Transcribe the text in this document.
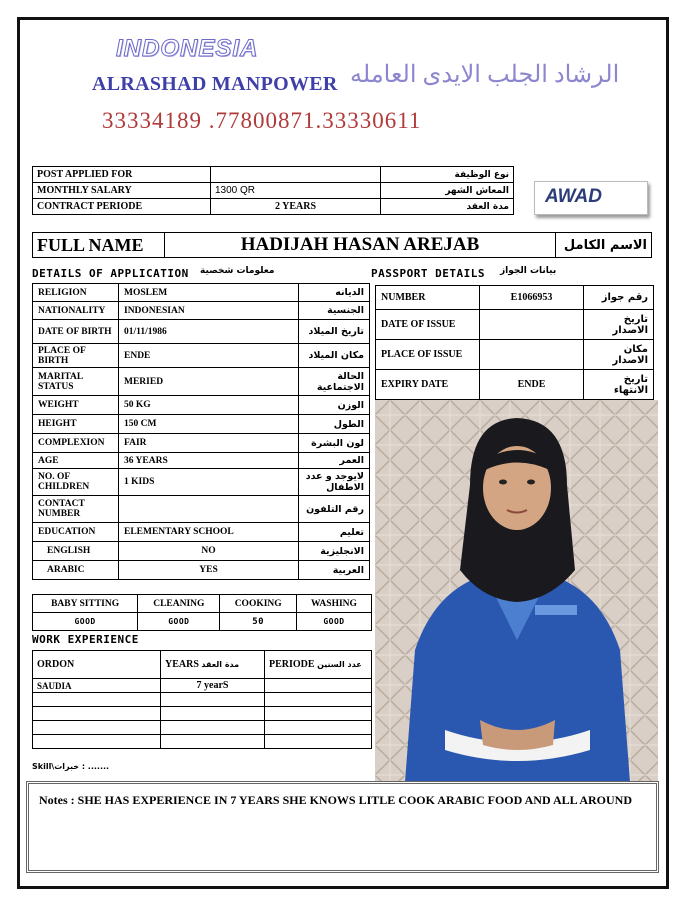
INDONESIA
ALRASHAD MANPOWER الرشاد الجلب الايدى العامله
33334189 .77800871.33330611
POST APPLIED FOR		نوع الوظيفة
MONTHLY SALARY	1300 QR	المعاش الشهر
CONTRACT PERIODE	2 YEARS	مدة العقد	AWAD
FULL NAME	HADIJAH HASAN AREJAB	الاسم الكامل
DETAILS OF APPLICATION معلومات شخصية	PASSPORT DETAILS بيانات الجواز
RELIGION	MOSLEM	الديانه
NATIONALITY	INDONESIAN	الجنسية
DATE OF BIRTH	01/11/1986	تاريخ الميلاد
PLACE OF BIRTH	ENDE	مكان الميلاد
MARITAL STATUS	MERIED	الحالة الاجتماعية
WEIGHT	50 KG	الوزن
HEIGHT	150 CM	الطول
COMPLEXION	FAIR	لون البشرة
AGE	36 YEARS	العمر
NO. OF CHILDREN	1 KIDS	لايوجد و عدد الاطفال
CONTACT NUMBER		رقم التلفون
EDUCATION	ELEMENTARY SCHOOL	تعليم
ENGLISH	NO	الانجليزية
ARABIC	YES	العربية
NUMBER	E1066953	رقم جواز
DATE OF ISSUE		تاريخ الاصدار
PLACE OF ISSUE		مكان الاصدار
EXPIRY DATE	ENDE	تاريخ الانتهاء
BABY SITTING	CLEANING	COOKING	WASHING
GOOD	GOOD	50	GOOD
WORK EXPERIENCE
ORDON	YEARS مدة العقد	PERIODE عدد السنين
SAUDIA	7 yearS	

Skill\خبرات : .......
Notes : SHE HAS EXPERIENCE IN 7 YEARS SHE KNOWS LITLE COOK ARABIC FOOD AND ALL AROUND
